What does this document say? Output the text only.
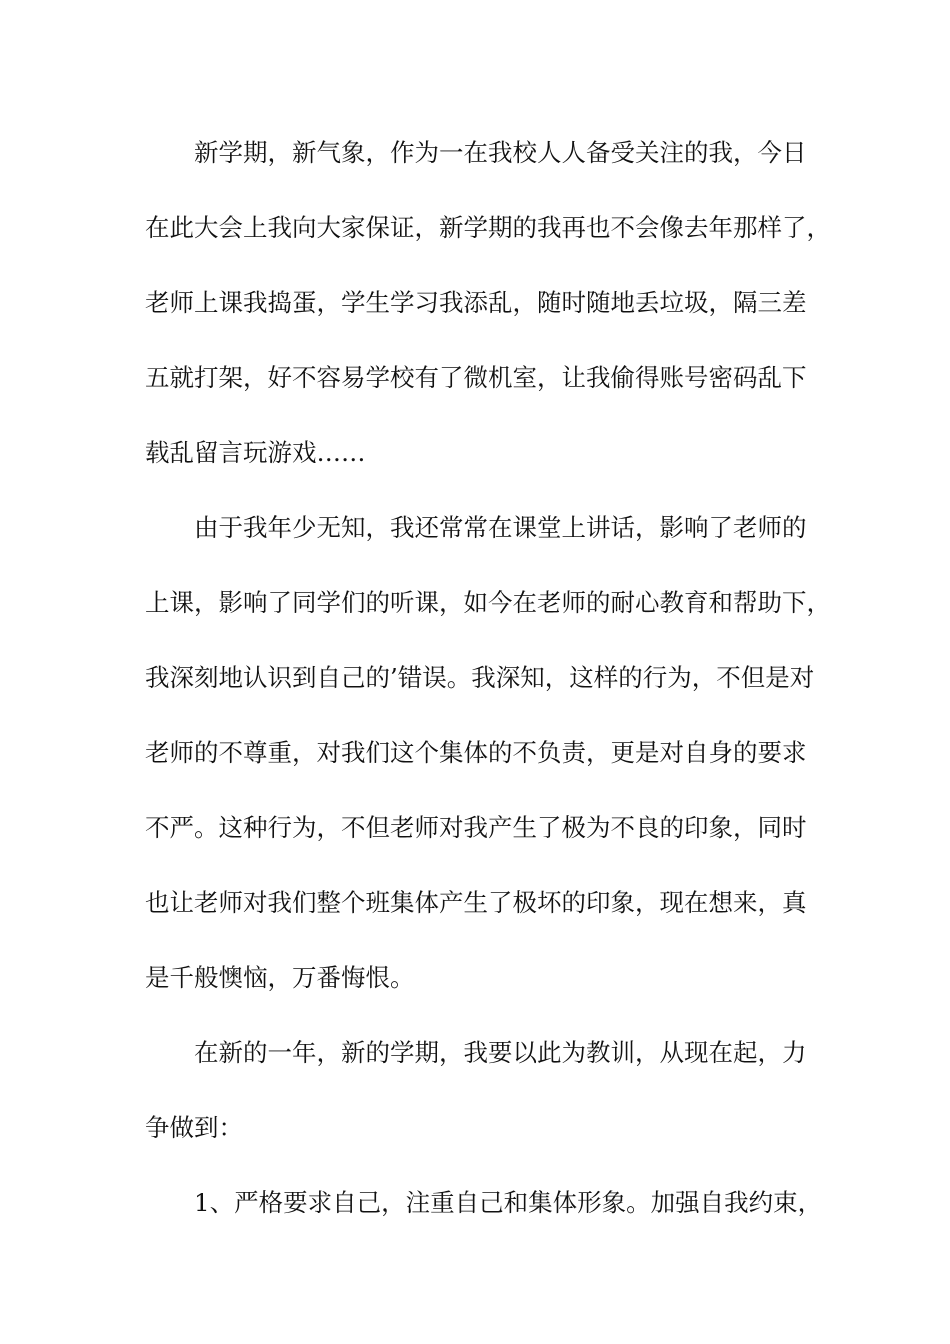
新学期，新气象，作为一在我校人人备受关注的我，今日
在此大会上我向大家保证，新学期的我再也不会像去年那样了，
老师上课我捣蛋，学生学习我添乱，随时随地丢垃圾，隔三差
五就打架，好不容易学校有了微机室，让我偷得账号密码乱下
载乱留言玩游戏……
由于我年少无知，我还常常在课堂上讲话，影响了老师的
上课，影响了同学们的听课，如今在老师的耐心教育和帮助下，
我深刻地认识到自己的’错误。我深知，这样的行为，不但是对
老师的不尊重，对我们这个集体的不负责，更是对自身的要求
不严。这种行为，不但老师对我产生了极为不良的印象，同时
也让老师对我们整个班集体产生了极坏的印象，现在想来，真
是千般懊恼，万番悔恨。
在新的一年，新的学期，我要以此为教训，从现在起，力
争做到：
1、严格要求自己，注重自己和集体形象。加强自我约束，
